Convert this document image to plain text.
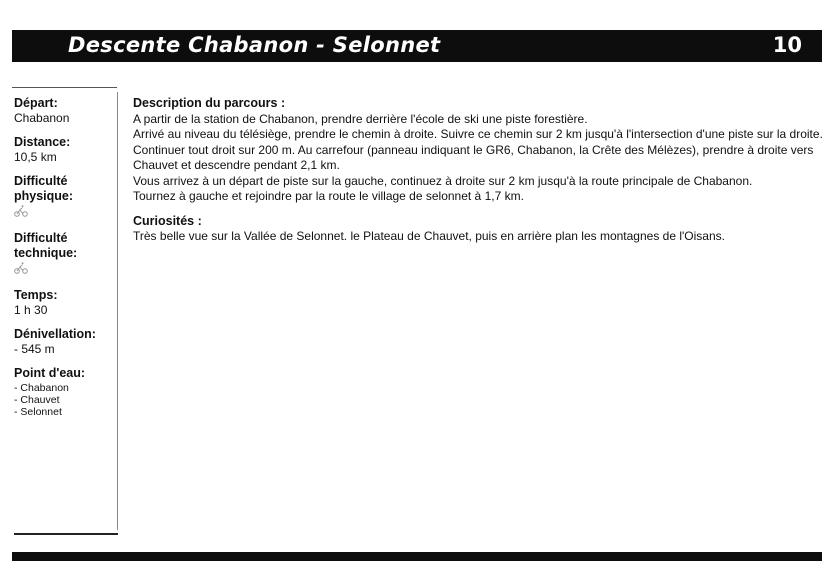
Descente Chabanon - Selonnet	10
Départ:
Chabanon
Distance:
10,5 km
Difficulté physique:
Difficulté technique:
Temps:
1 h 30
Dénivellation:
- 545 m
Point d'eau:
- Chabanon
- Chauvet
- Selonnet
Description du parcours :

A partir de la station de Chabanon, prendre derrière l'école de ski une piste forestière.

Arrivé au niveau du télésiège, prendre le chemin à droite. Suivre ce chemin sur 2 km jusqu'à l'intersection d'une piste sur la droite.

Continuer tout droit sur 200 m. Au carrefour (panneau indiquant le GR6, Chabanon, la Crête des Mélèzes), prendre à droite vers Chauvet et descendre pendant 2,1 km.

Vous arrivez à un départ de piste sur la gauche, continuez à droite sur 2 km jusqu'à la route principale de Chabanon.

Tournez à gauche et rejoindre par la route le village de selonnet à 1,7 km.

Curiosités :

Très belle vue sur la Vallée de Selonnet. le Plateau de Chauvet, puis en arrière plan les montagnes de l'Oisans.
